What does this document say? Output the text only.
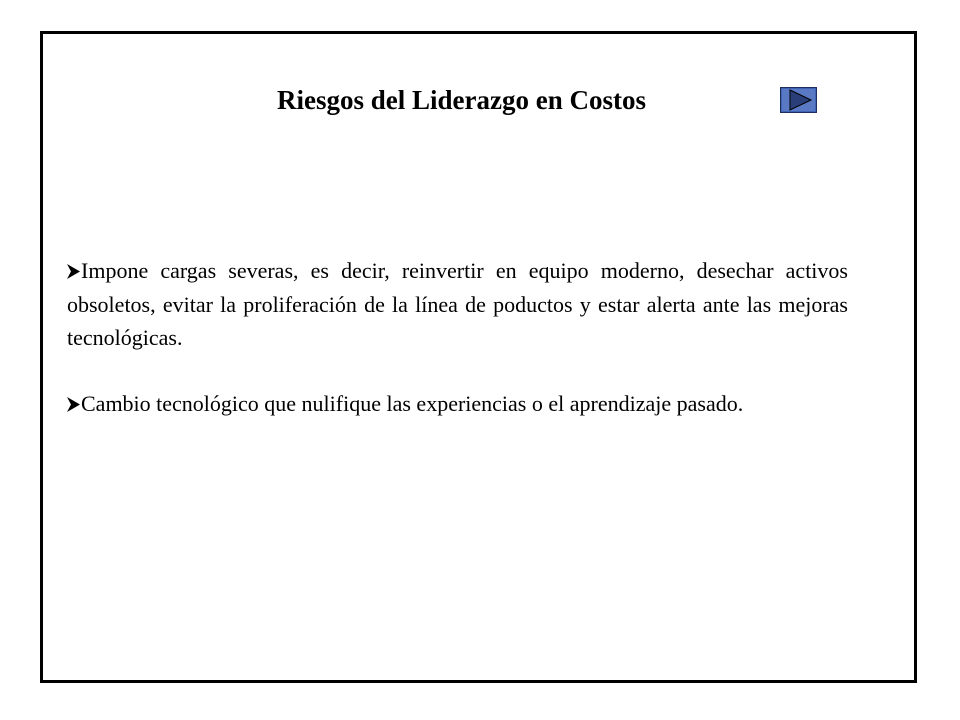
Riesgos del Liderazgo en Costos
Impone cargas severas, es decir, reinvertir en equipo moderno, desechar activos obsoletos, evitar la proliferación de la línea de poductos y estar alerta ante las mejoras tecnológicas.
Cambio tecnológico que nulifique las experiencias o el aprendizaje pasado.
